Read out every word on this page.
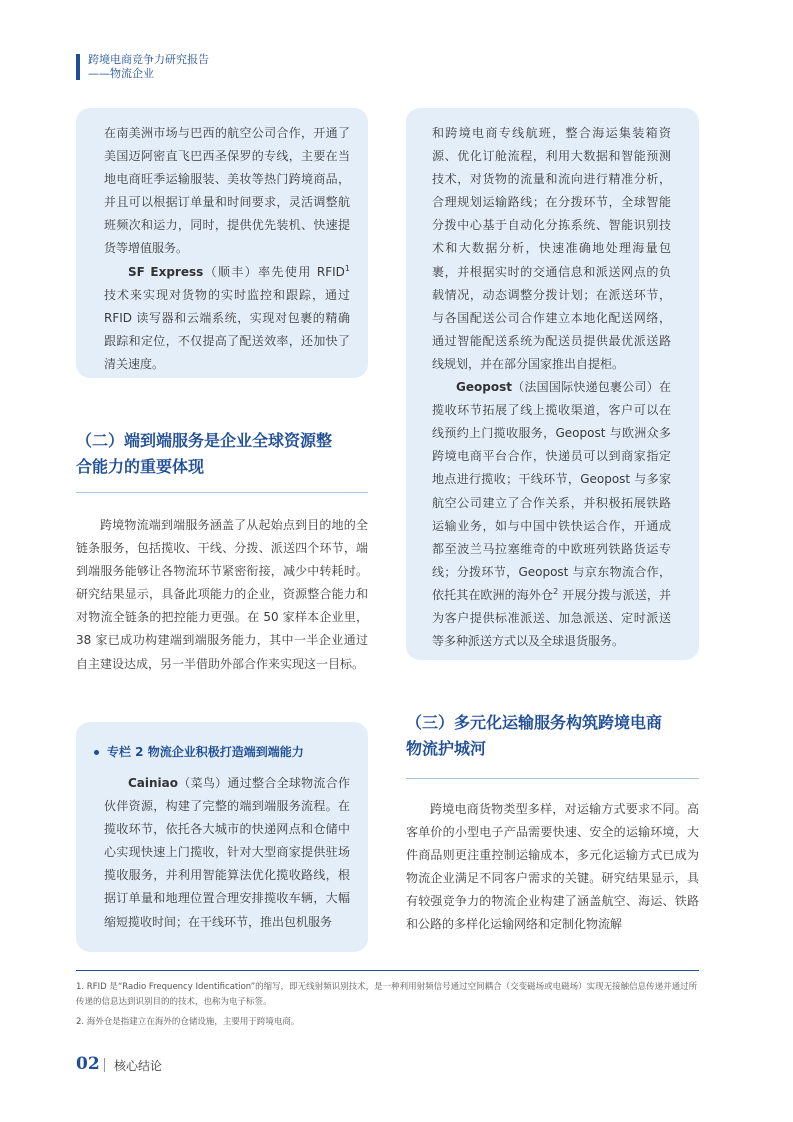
跨境电商竞争力研究报告
——物流企业

在南美洲市场与巴西的航空公司合作，开通了美国迈阿密直飞巴西圣保罗的专线，主要在当地电商旺季运输服装、美妆等热门跨境商品，并且可以根据订单量和时间要求，灵活调整航班频次和运力，同时，提供优先装机、快速提货等增值服务。

SF Express（顺丰）率先使用 RFID$^1$ 技术来实现对货物的实时监控和跟踪，通过 RFID 读写器和云端系统，实现对包裹的精确跟踪和定位，不仅提高了配送效率，还加快了清关速度。

（二）端到端服务是企业全球资源整
合能力的重要体现

跨境物流端到端服务涵盖了从起始点到目的地的全链条服务，包括揽收、干线、分拨、派送四个环节，端到端服务能够让各物流环节紧密衔接，减少中转耗时。研究结果显示，具备此项能力的企业，资源整合能力和对物流全链条的把控能力更强。在 50 家样本企业里，38 家已成功构建端到端服务能力，其中一半企业通过自主建设达成，另一半借助外部合作来实现这一目标。

专栏 2 物流企业积极打造端到端能力

Cainiao（菜鸟）通过整合全球物流合作伙伴资源，构建了完整的端到端服务流程。在揽收环节，依托各大城市的快递网点和仓储中心实现快速上门揽收，针对大型商家提供驻场揽收服务，并利用智能算法优化揽收路线，根据订单量和地理位置合理安排揽收车辆，大幅缩短揽收时间；在干线环节，推出包机服务

和跨境电商专线航班，整合海运集装箱资源、优化订舱流程，利用大数据和智能预测技术，对货物的流量和流向进行精准分析，合理规划运输路线；在分拨环节，全球智能分拨中心基于自动化分拣系统、智能识别技术和大数据分析，快速准确地处理海量包裹，并根据实时的交通信息和派送网点的负载情况，动态调整分拨计划；在派送环节，与各国配送公司合作建立本地化配送网络，通过智能配送系统为配送员提供最优派送路线规划，并在部分国家推出自提柜。

Geopost（法国国际快递包裹公司）在揽收环节拓展了线上揽收渠道，客户可以在线预约上门揽收服务，Geopost 与欧洲众多跨境电商平台合作，快递员可以到商家指定地点进行揽收；干线环节，Geopost 与多家航空公司建立了合作关系，并积极拓展铁路运输业务，如与中国中铁快运合作，开通成都至波兰马拉塞维奇的中欧班列铁路货运专线；分拨环节，Geopost 与京东物流合作，依托其在欧洲的海外仓$^2$ 开展分拨与派送，并为客户提供标准派送、加急派送、定时派送等多种派送方式以及全球退货服务。

（三）多元化运输服务构筑跨境电商
物流护城河

跨境电商货物类型多样，对运输方式要求不同。高客单价的小型电子产品需要快速、安全的运输环境，大件商品则更注重控制运输成本，多元化运输方式已成为物流企业满足不同客户需求的关键。研究结果显示，具有较强竞争力的物流企业构建了涵盖航空、海运、铁路和公路的多样化运输网络和定制化物流解

1. RFID 是“Radio Frequency Identification”的缩写，即无线射频识别技术，是一种利用射频信号通过空间耦合（交变磁场或电磁场）实现无接触信息传递并通过所传递的信息达到识别目的的技术，也称为电子标签。
2. 海外仓是指建立在海外的仓储设施，主要用于跨境电商。
02 核心结论
